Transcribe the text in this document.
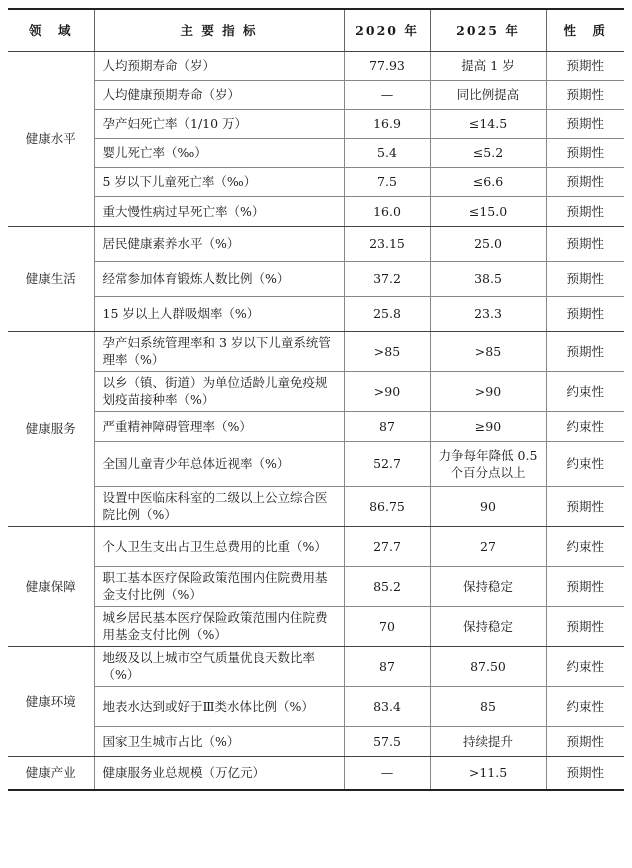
领　域	主 要 指 标	2020 年	2025 年	性　质
健康水平	人均预期寿命（岁）	77.93	提高 1 岁	预期性
	人均健康预期寿命（岁）	—	同比例提高	预期性
	孕产妇死亡率（1/10 万）	16.9	≤14.5	预期性
	婴儿死亡率（‰）	5.4	≤5.2	预期性
	5 岁以下儿童死亡率（‰）	7.5	≤6.6	预期性
	重大慢性病过早死亡率（%）	16.0	≤15.0	预期性
健康生活	居民健康素养水平（%）	23.15	25.0	预期性
	经常参加体育锻炼人数比例（%）	37.2	38.5	预期性
	15 岁以上人群吸烟率（%）	25.8	23.3	预期性
健康服务	孕产妇系统管理率和 3 岁以下儿童系统管理率（%）	>85	>85	预期性
	以乡（镇、街道）为单位适龄儿童免疫规划疫苗接种率（%）	>90	>90	约束性
	严重精神障碍管理率（%）	87	≥90	约束性
	全国儿童青少年总体近视率（%）	52.7	力争每年降低 0.5 个百分点以上	约束性
	设置中医临床科室的二级以上公立综合医院比例（%）	86.75	90	预期性
健康保障	个人卫生支出占卫生总费用的比重（%）	27.7	27	约束性
	职工基本医疗保险政策范围内住院费用基金支付比例（%）	85.2	保持稳定	预期性
	城乡居民基本医疗保险政策范围内住院费用基金支付比例（%）	70	保持稳定	预期性
健康环境	地级及以上城市空气质量优良天数比率（%）	87	87.50	约束性
	地表水达到或好于Ⅲ类水体比例（%）	83.4	85	约束性
	国家卫生城市占比（%）	57.5	持续提升	预期性
健康产业	健康服务业总规模（万亿元）	—	>11.5	预期性
